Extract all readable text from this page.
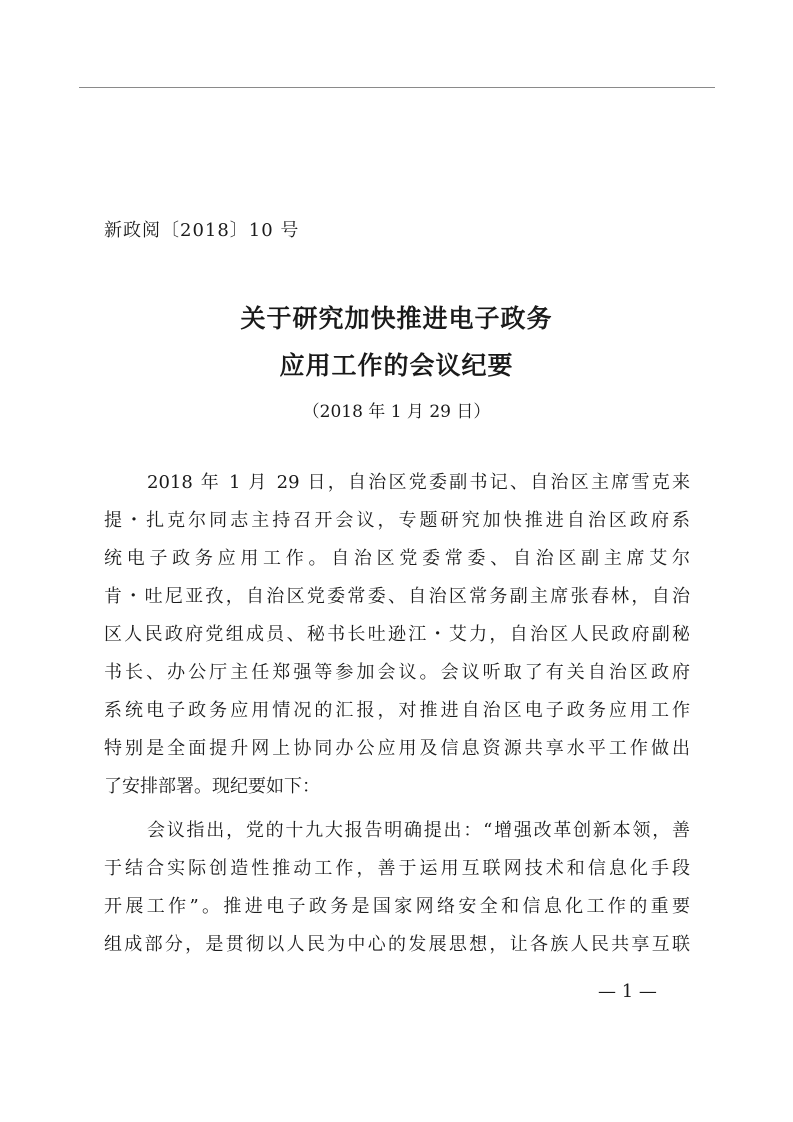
新政阅〔2018〕10 号
关于研究加快推进电子政务
应用工作的会议纪要
（2018 年 1 月 29 日）
2018 年 1 月 29 日，自治区党委副书记、自治区主席雪克来
提・扎克尔同志主持召开会议，专题研究加快推进自治区政府系
统电子政务应用工作。自治区党委常委、自治区副主席艾尔
肯・吐尼亚孜，自治区党委常委、自治区常务副主席张春林，自治
区人民政府党组成员、秘书长吐逊江・艾力，自治区人民政府副秘
书长、办公厅主任郑强等参加会议。会议听取了有关自治区政府
系统电子政务应用情况的汇报，对推进自治区电子政务应用工作
特别是全面提升网上协同办公应用及信息资源共享水平工作做出
了安排部署。现纪要如下：
会议指出，党的十九大报告明确提出：“增强改革创新本领，善
于结合实际创造性推动工作，善于运用互联网技术和信息化手段
开展工作”。推进电子政务是国家网络安全和信息化工作的重要
组成部分，是贯彻以人民为中心的发展思想，让各族人民共享互联
— 1 —
